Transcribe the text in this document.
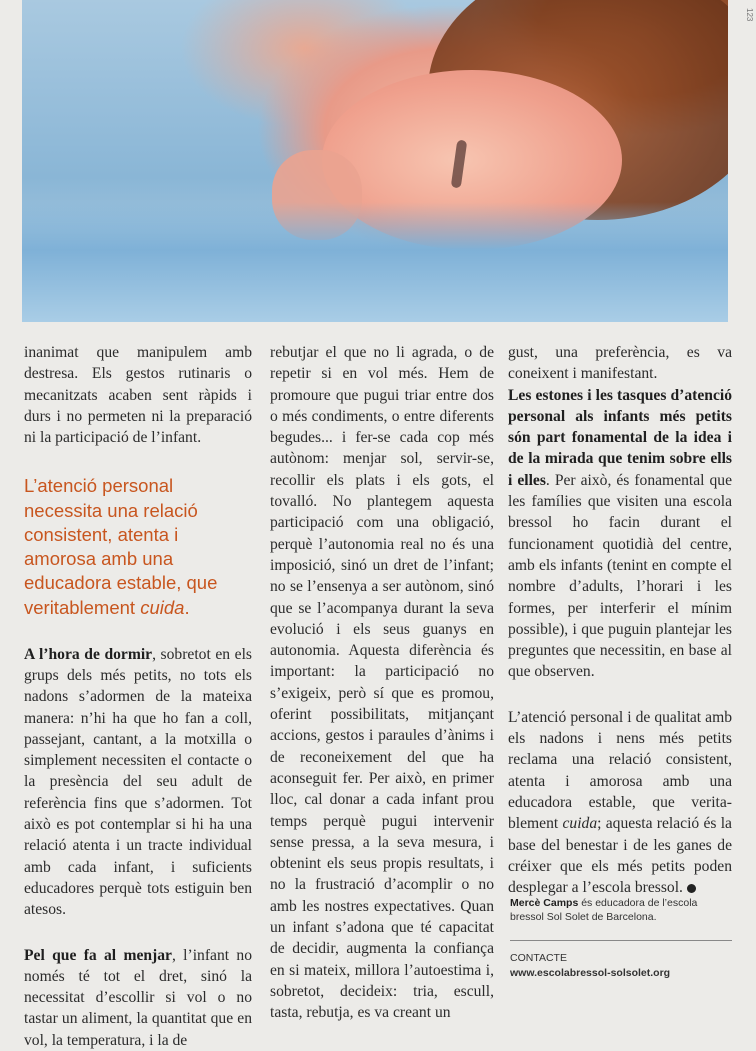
123

inanimat que manipulem amb destresa. Els gestos rutinaris o mecanitzats acaben sent ràpids i durs i no permeten ni la preparació ni la participació de l’infant.

L’atenció personal necessita una relació consistent, atenta i amorosa amb una educadora estable, que veritablement cuida.

A l’hora de dormir, sobretot en els grups dels més petits, no tots els nadons s’adormen de la mateixa manera: n’hi ha que ho fan a coll, passejant, cantant, a la motxilla o simplement necessiten el contacte o la presència del seu adult de referència fins que s’adormen. Tot això es pot contemplar si hi ha una relació atenta i un tracte individual amb cada infant, i suficients educadores perquè tots estiguin ben atesos.

Pel que fa al menjar, l’infant no només té tot el dret, sinó la necessitat d’escollir si vol o no tastar un aliment, la quantitat que en vol, la temperatura, i la de

rebutjar el que no li agrada, o de repetir si en vol més. Hem de promoure que pugui triar entre dos o més condiments, o entre diferents begudes... i fer-se cada cop més autònom: menjar sol, servir-se, recollir els plats i els gots, el tovalló. No plantegem aquesta participació com una obligació, perquè l’autonomia real no és una imposició, sinó un dret de l’infant; no se l’ensenya a ser autònom, sinó que se l’acompanya durant la seva evolució i els seus guanys en autonomia. Aquesta diferència és important: la participació no s’exigeix, però sí que es promou, oferint possibilitats, mitjançant accions, gestos i paraules d’ànims i de reconeixement del que ha aconseguit fer. Per això, en primer lloc, cal donar a cada infant prou temps perquè pugui intervenir sense pressa, a la seva mesura, i obtenint els seus propis resultats, i no la frustració d’acomplir o no amb les nostres expectatives. Quan un infant s’adona que té capacitat de decidir, augmenta la confiança en si mateix, millora l’autoestima i, sobretot, decideix: tria, escull, tasta, rebutja, es va creant un

gust, una preferència, es va coneixent i manifestant.

Les estones i les tasques d’atenció personal als infants més petits són part fonamental de la idea i de la mirada que tenim sobre ells i elles. Per això, és fonamental que les famílies que visiten una escola bressol ho facin durant el funcionament quotidià del centre, amb els infants (tenint en compte el nombre d’adults, l’horari i les formes, per interferir el mínim possible), i que puguin plantejar les preguntes que necessitin, en base al que observen.

L’atenció personal i de qualitat amb els nadons i nens més petits reclama una relació consistent, atenta i amorosa amb una educadora estable, que veritablement cuida; aquesta relació és la base del benestar i de les ganes de créixer que els més petits poden desplegar a l’escola bressol.

Mercè Camps és educadora de l’escola bressol Sol Solet de Barcelona.
CONTACTE
www.escolabressol-solsolet.org
